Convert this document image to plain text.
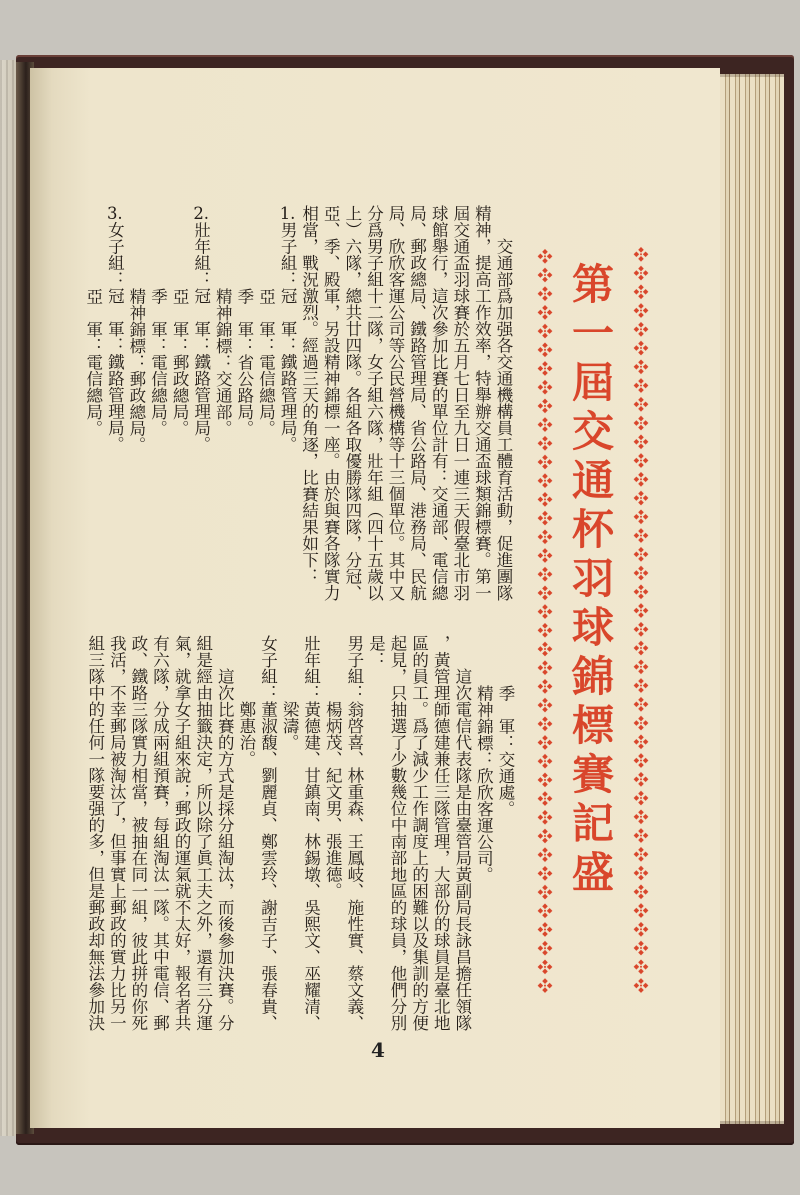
第一屆交通杯羽球錦標賽記盛
交通部爲加强各交通機構員工體育活動，促進團隊
精神，提高工作效率，特舉辦交通盃球類錦標賽。第一
屆交通盃羽球賽於五月七日至九日一連三天假臺北市羽
球館舉行，這次參加比賽的單位計有：交通部、電信總
局、郵政總局、鐵路管理局、省公路局、港務局、民航
局、欣欣客運公司等公民營機構等十三個單位。其中又
分爲男子組十二隊，女子組六隊，壯年組（四十五歲以
上）六隊，總共廿四隊。各組各取優勝隊四隊，分冠、
亞、季、殿軍，另設精神錦標一座。由於與賽各隊實力
相當，戰況激烈。經過三天的角逐，比賽結果如下：
1.男子組：冠　軍：鐵路管理局。
亞　軍：電信總局。
季　軍：省公路局。
精神錦標：交通部。
2.壯年組：冠　軍：鐵路管理局。
亞　軍：郵政總局。
季　軍：電信總局。
精神錦標：郵政總局。
3.女子組：冠　軍：鐵路管理局。
亞　軍：電信總局。
季　軍：交通處。
精神錦標：欣欣客運公司。
這次電信代表隊是由臺管局黃副局長詠昌擔任領隊
，黃管理師德建兼任三隊管理，大部份的球員是臺北地
區的員工。爲了減少工作調度上的困難以及集訓的方便
起見，只抽選了少數幾位中南部地區的球員，他們分別
是：
男子組：翁啓喜、林重森、王鳳岐、施性實、蔡文義、
楊炳茂、紀文男、張進德。
壯年組：黃德建、甘鎮南、林錫墩、吳熙文、巫耀清、
梁濤。
女子組：董淑馥、劉麗貞、鄭雲玲、謝吉子、張春貴、
鄭惠治。
這次比賽的方式是採分組淘汰，而後參加決賽。分
組是經由抽籤決定，所以除了眞工夫之外，還有三分運
氣，就拿女子組來說；郵政的運氣就不太好，報名者共
有六隊，分成兩組預賽，每組淘汰一隊。其中電信、郵
政、鐵路三隊實力相當，被抽在同一組，彼此拼的你死
我活，不幸郵局被淘汰了，但事實上郵政的實力比另一
組三隊中的任何一隊要强的多，但是郵政却無法參加決
4
